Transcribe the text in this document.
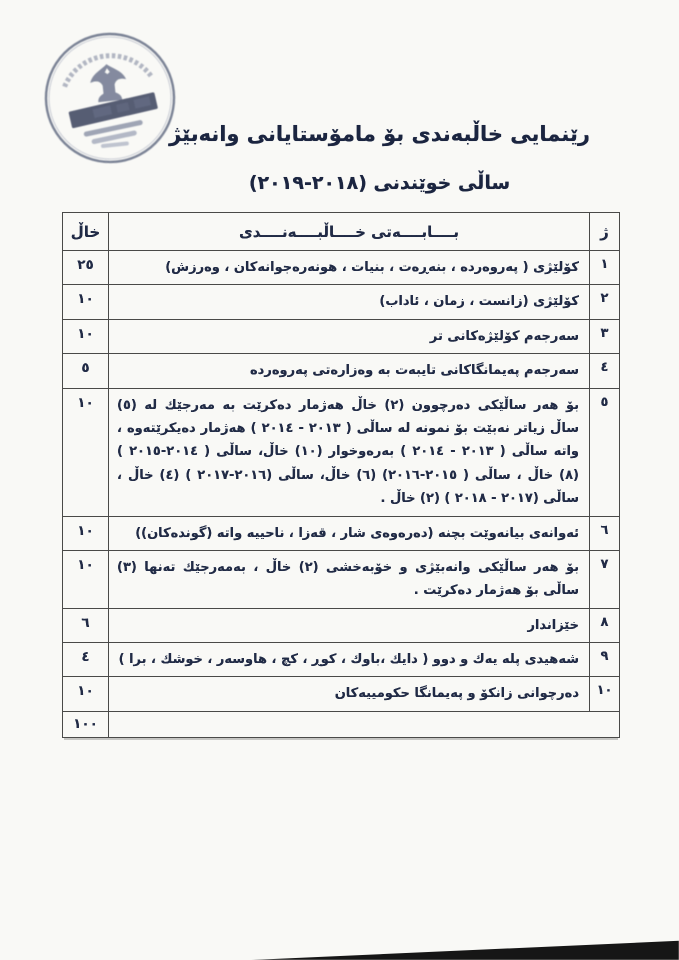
رێنمایی خاڵبەندی بۆ مامۆستایانی وانەبێژ
ساڵی خوێندنی (٢٠١٨-٢٠١٩)
ژ	بــــابــــەتی خــــاڵبــــەنــــدی	خاڵ
١	كۆلێژی ( پەروەردە ، بنەڕەت ، بنیات ، هونەرەجوانەكان ، وەرزش)	٢٥
٢	كۆلێژی (زانست ، زمان ، ئاداب)	١٠
٣	سەرجەم كۆلێژەكانی تر	١٠
٤	سەرجەم پەیمانگاكانی تایبەت بە وەزارەتی پەروەردە	٥
٥	بۆ هەر ساڵێكی دەرچوون (٢) خاڵ هەژمار دەكرێت بە مەرجێك لە (٥) ساڵ زیاتر نەبێت بۆ نمونە لە ساڵی ( ٢٠١٣ - ٢٠١٤ ) هەژمار دەیكرێتەوە ، واتە ساڵی ( ٢٠١٣ - ٢٠١٤ ) بەرەوخوار (١٠) خاڵ، ساڵی ( ٢٠١٤-٢٠١٥ ) (٨) خاڵ ، ساڵی ( ٢٠١٥-٢٠١٦) (٦) خاڵ، ساڵی (٢٠١٦-٢٠١٧ ) (٤) خاڵ ، ساڵی (٢٠١٧ - ٢٠١٨ ) (٢) خاڵ .	١٠
٦	ئەوانەی بیانەوێت بچنە (دەرەوەی شار ، قەزا ، ناحییە واتە (گوندەكان))	١٠
٧	بۆ هەر ساڵێكی وانەبێژی و خۆبەخشی (٢) خاڵ ، بەمەرجێك تەنها (٣) ساڵی بۆ هەژمار دەكرێت .	١٠
٨	خێزاندار	٦
٩	شەهیدی پلە یەك و دوو ( دایك ،باوك ، كوڕ ، كچ ، هاوسەر ، خوشك ، برا )	٤
١٠	دەرچوانی زانكۆ و پەیمانگا حكومییەكان	١٠
		١٠٠
